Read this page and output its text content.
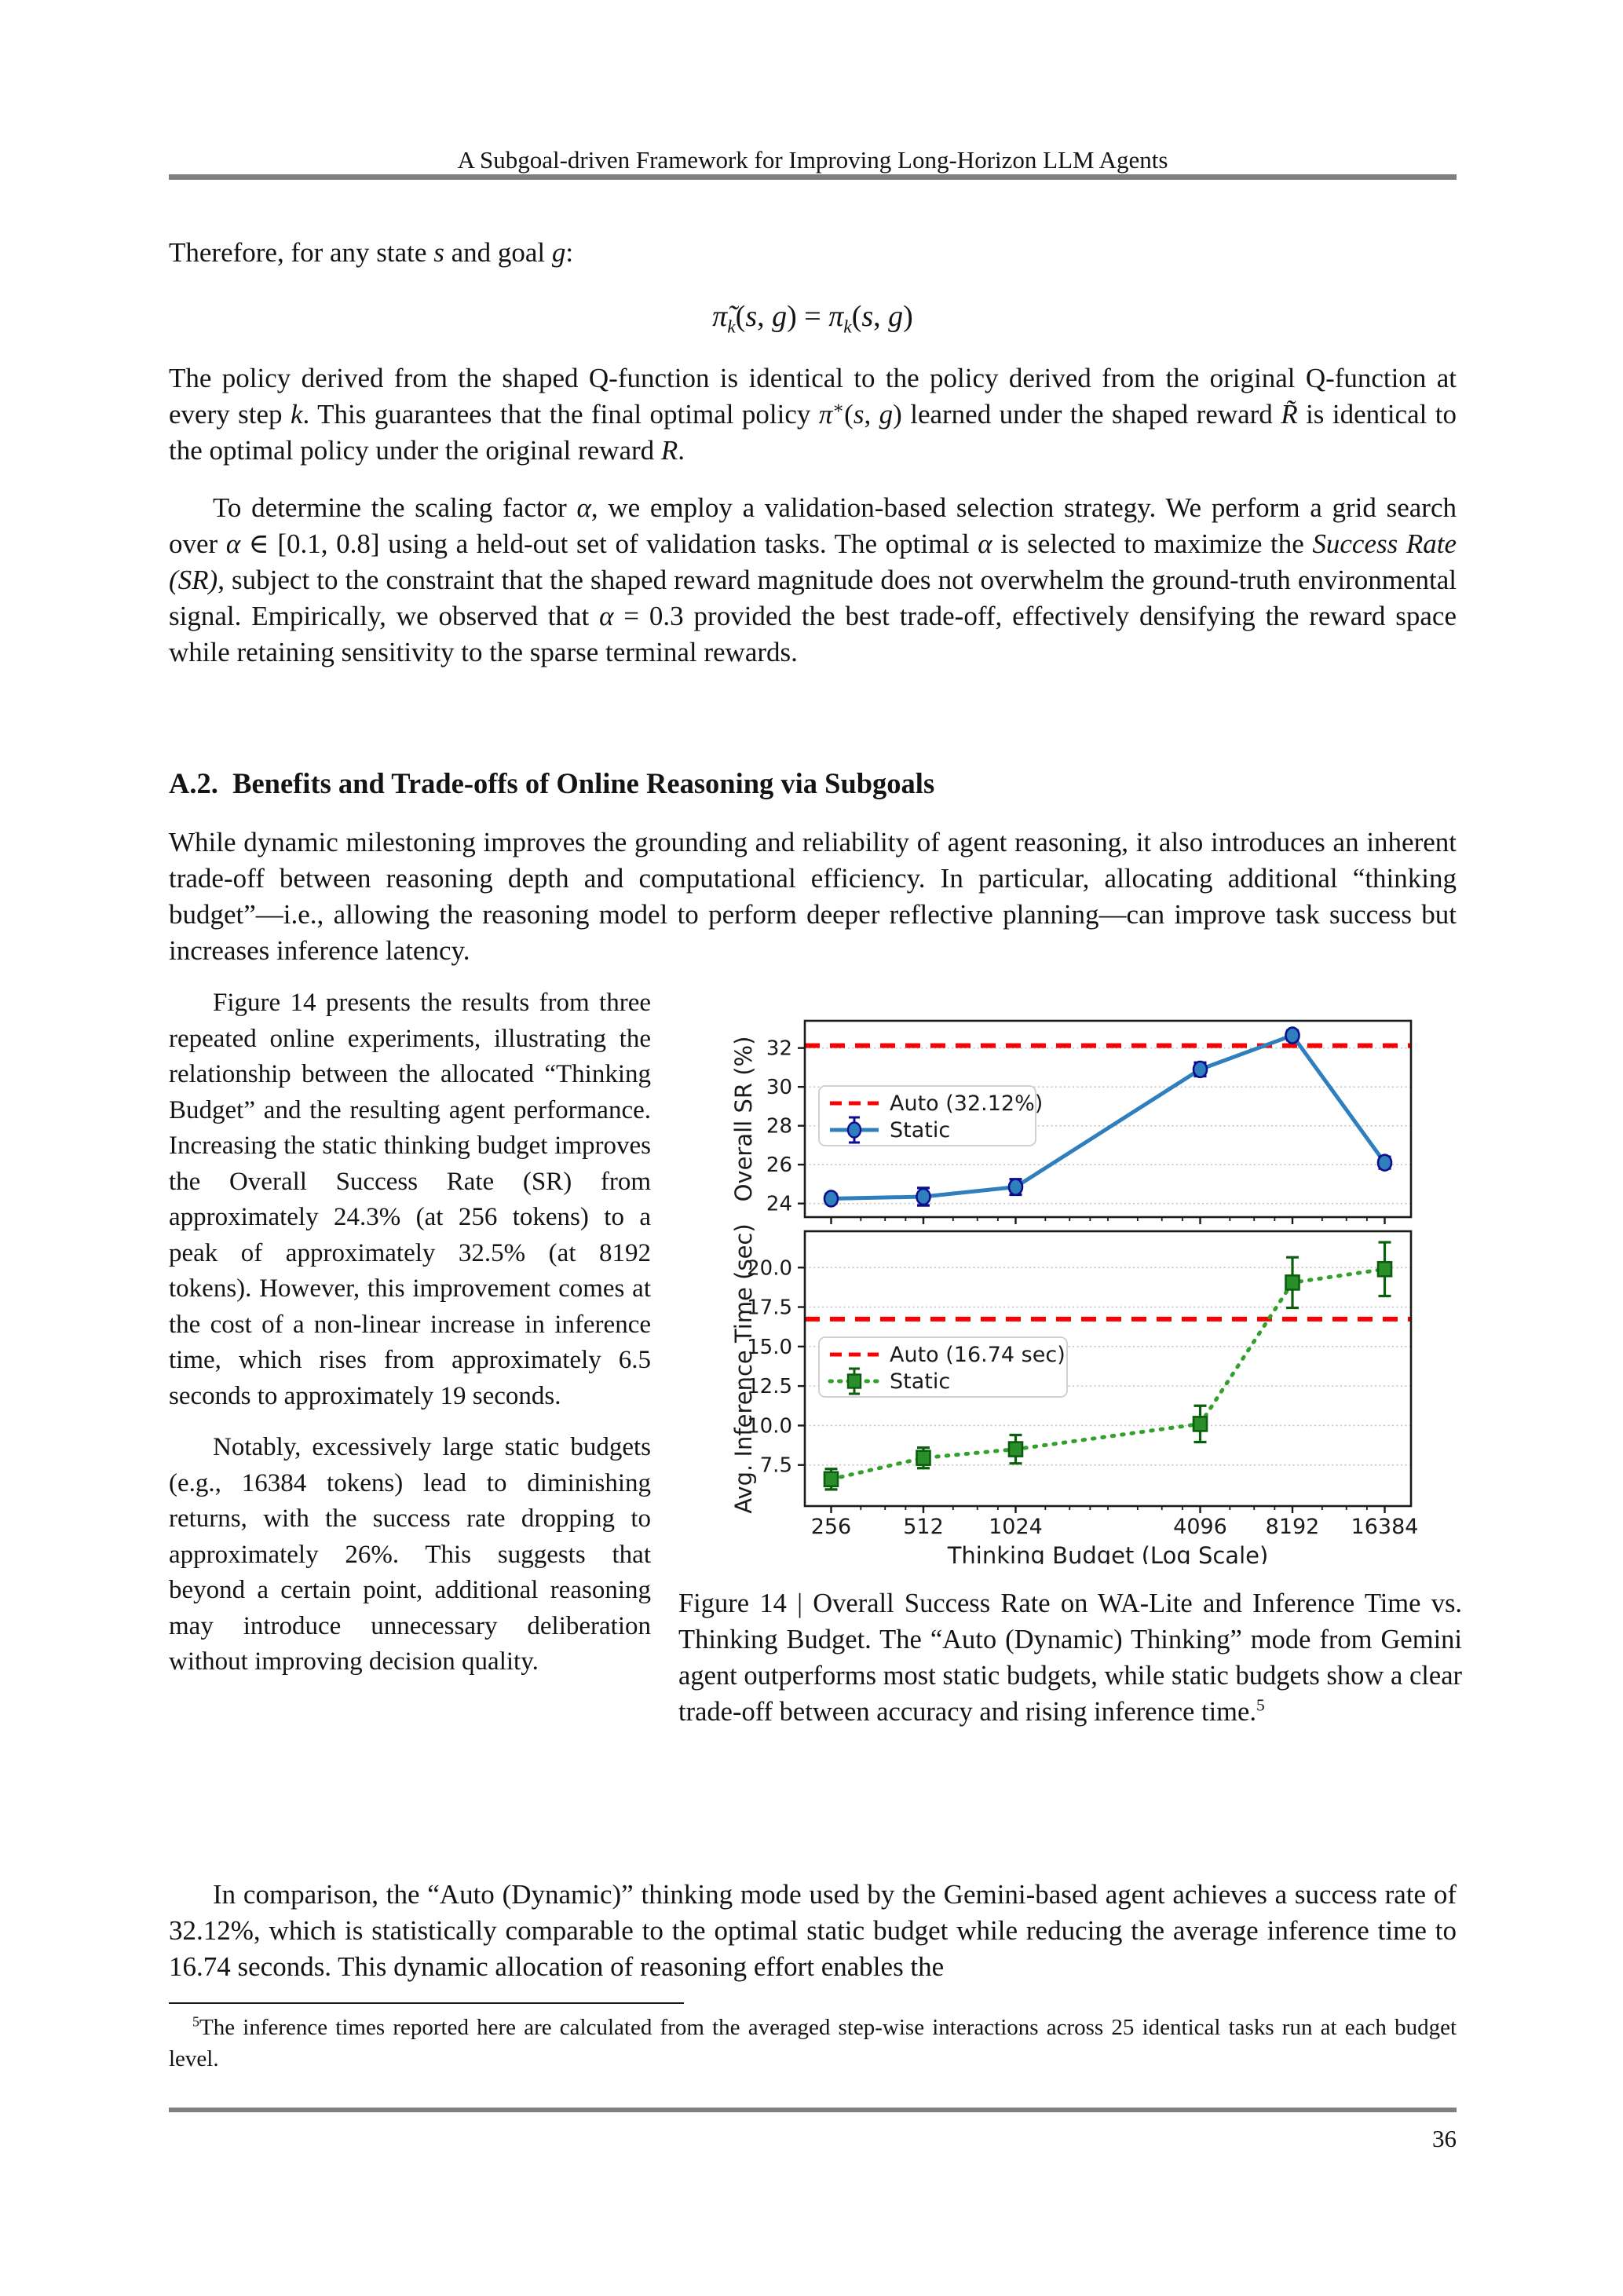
A Subgoal-driven Framework for Improving Long-Horizon LLM Agents

Therefore, for any state s and goal g:

$\pĩ_k(s$, $g) = \pi_k(s$, g)

The policy derived from the shaped Q-function is identical to the policy derived from the original Q-function at every step k. This guarantees that the final optimal policy π∗(s, g) learned under the shaped reward R̃ is identical to the optimal policy under the original reward R.

To determine the scaling factor α, we employ a validation-based selection strategy. We perform a grid search over α ∈ [0.1, 0.8] using a held-out set of validation tasks. The optimal α is selected to maximize the Success Rate (SR), subject to the constraint that the shaped reward magnitude does not overwhelm the ground-truth environmental signal. Empirically, we observed that α = 0.3 provided the best trade-off, effectively densifying the reward space while retaining sensitivity to the sparse terminal rewards.

A.2. Benefits and Trade-offs of Online Reasoning via Subgoals

While dynamic milestoning improves the grounding and reliability of agent reasoning, it also introduces an inherent trade-off between reasoning depth and computational efficiency. In particular, allocating additional “thinking budget”—i.e., allowing the reasoning model to perform deeper reflective planning—can improve task success but increases inference latency.

Figure 14 presents the results from three repeated online experiments, illustrating the relationship between the allocated “Thinking Budget” and the resulting agent performance. Increasing the static thinking budget improves the Overall Success Rate (SR) from approximately 24.3% (at 256 tokens) to a peak of approximately 32.5% (at 8192 tokens). However, this improvement comes at the cost of a non-linear increase in inference time, which rises from approximately 6.5 seconds to approximately 19 seconds.

Notably, excessively large static budgets (e.g., 16384 tokens) lead to diminishing returns, with the success rate dropping to approximately 26%. This suggests that beyond a certain point, additional reasoning may introduce unnecessary deliberation without improving decision quality.

24
26
28
30
32
Overall SR (%)	Auto (32.12%)
Static
7.5
10.0
12.5
15.0
17.5
20.0
256 512 1024	4096 8192 16384
Thinking Budget (Log Scale)
Avg. Inference Time (sec)	Auto (16.74 sec)
Static

Figure 14 | Overall Success Rate on WA-Lite and Inference Time vs. Thinking Budget. The “Auto (Dynamic) Thinking” mode from Gemini agent outperforms most static budgets, while static budgets show a clear trade-off between accuracy and rising inference time.$^5$

In comparison, the “Auto (Dynamic)” thinking mode used by the Gemini-based agent achieves a success rate of 32.12%, which is statistically comparable to the optimal static budget while reducing the average inference time to 16.74 seconds. This dynamic allocation of reasoning effort enables the

$^5$The inference times reported here are calculated from the averaged step-wise interactions across 25 identical tasks run at each budget level.

36
